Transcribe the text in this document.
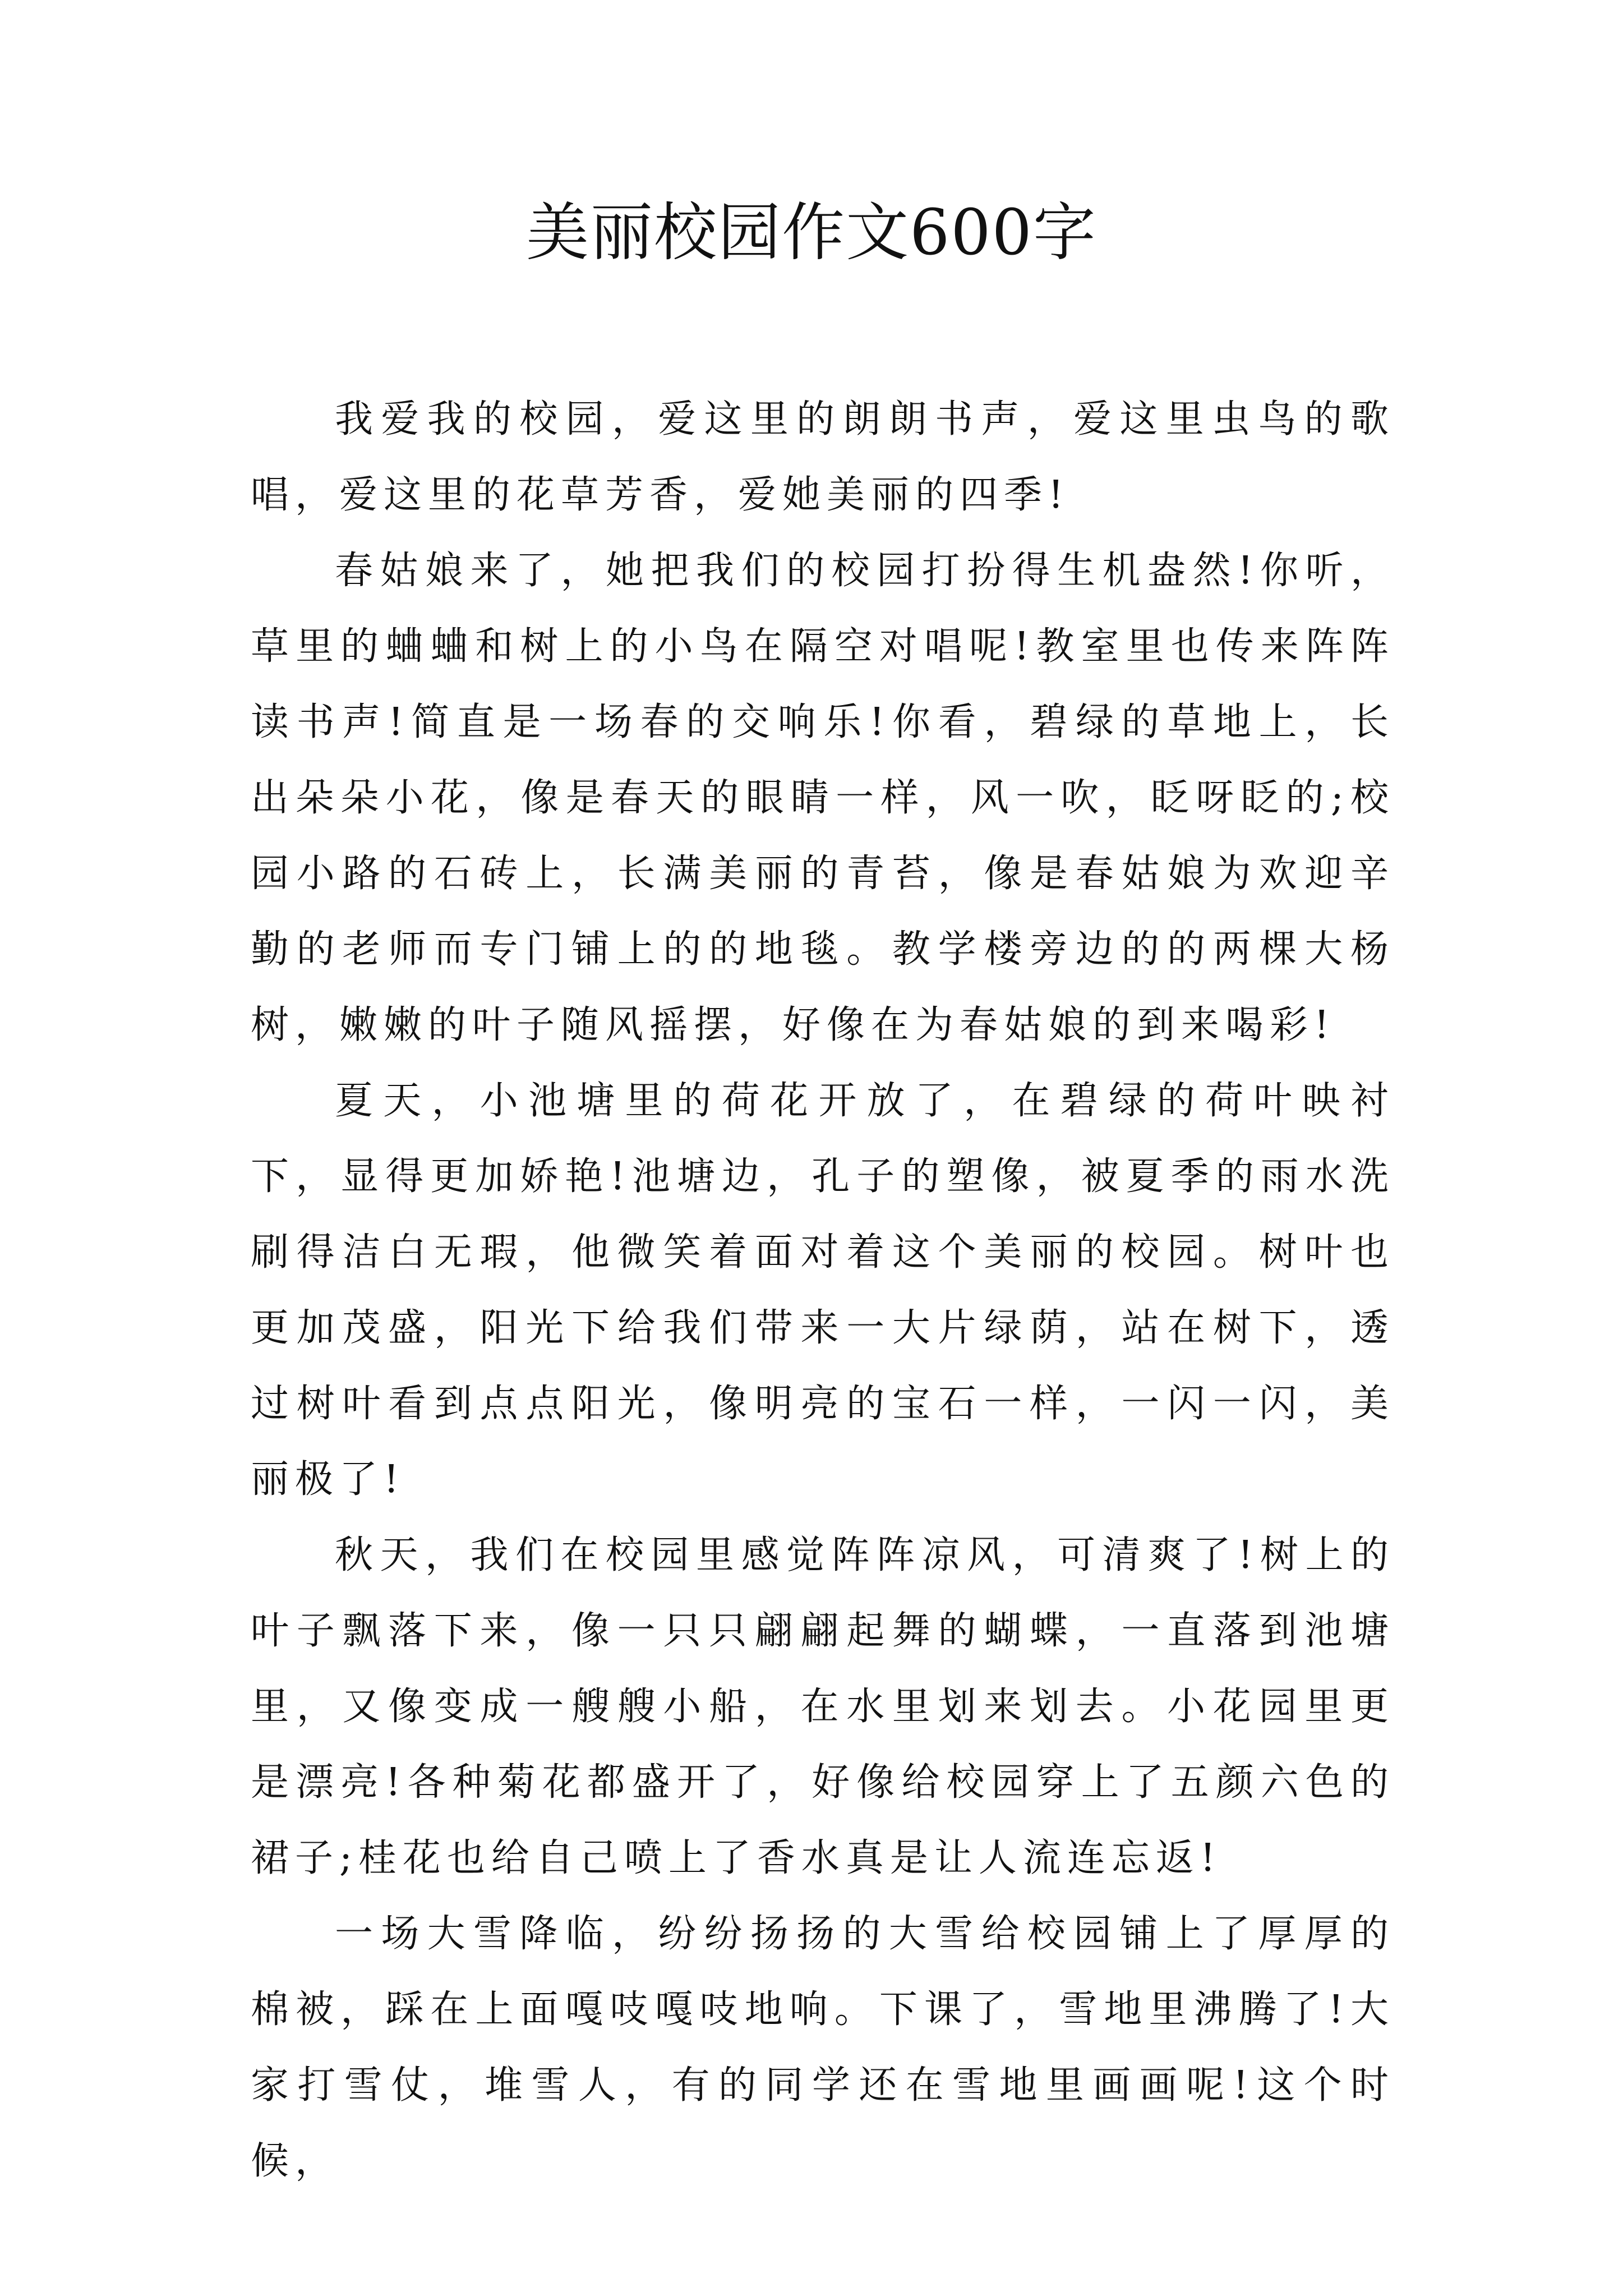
美丽校园作文600字

我爱我的校园，爱这里的朗朗书声，爱这里虫鸟的歌唱，爱这里的花草芳香，爱她美丽的四季!

春姑娘来了，她把我们的校园打扮得生机盎然!你听，草里的蛐蛐和树上的小鸟在隔空对唱呢!教室里也传来阵阵读书声!简直是一场春的交响乐!你看，碧绿的草地上，长出朵朵小花，像是春天的眼睛一样，风一吹，眨呀眨的;校园小路的石砖上，长满美丽的青苔，像是春姑娘为欢迎辛勤的老师而专门铺上的的地毯。教学楼旁边的的两棵大杨树，嫩嫩的叶子随风摇摆，好像在为春姑娘的到来喝彩!

夏天，小池塘里的荷花开放了，在碧绿的荷叶映衬下，显得更加娇艳!池塘边，孔子的塑像，被夏季的雨水洗刷得洁白无瑕，他微笑着面对着这个美丽的校园。树叶也更加茂盛，阳光下给我们带来一大片绿荫，站在树下，透过树叶看到点点阳光，像明亮的宝石一样，一闪一闪，美丽极了!

秋天，我们在校园里感觉阵阵凉风，可清爽了!树上的叶子飘落下来，像一只只翩翩起舞的蝴蝶，一直落到池塘里，又像变成一艘艘小船，在水里划来划去。小花园里更是漂亮!各种菊花都盛开了，好像给校园穿上了五颜六色的裙子;桂花也给自己喷上了香水真是让人流连忘返!

一场大雪降临，纷纷扬扬的大雪给校园铺上了厚厚的棉被，踩在上面嘎吱嘎吱地响。下课了，雪地里沸腾了!大家打雪仗，堆雪人，有的同学还在雪地里画画呢!这个时候，
